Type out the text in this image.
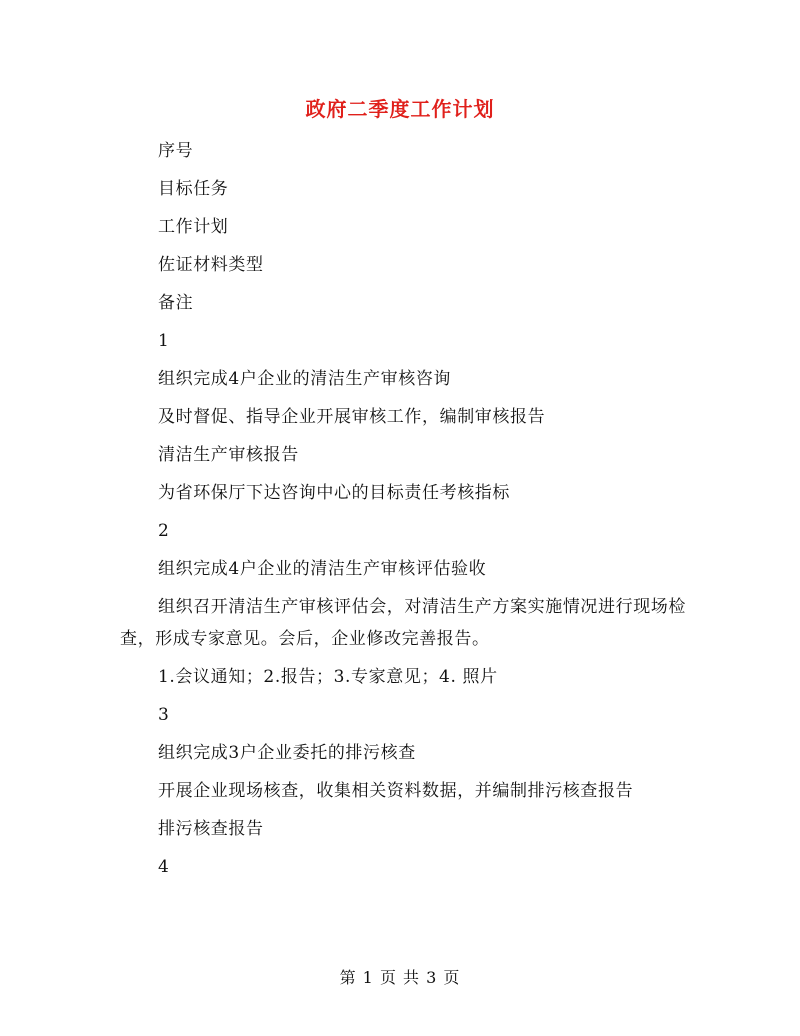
政府二季度工作计划

序号

目标任务

工作计划

佐证材料类型

备注

1

组织完成4户企业的清洁生产审核咨询

及时督促、指导企业开展审核工作，编制审核报告

清洁生产审核报告

为省环保厅下达咨询中心的目标责任考核指标

2

组织完成4户企业的清洁生产审核评估验收

组织召开清洁生产审核评估会，对清洁生产方案实施情况进行现场检查，形成专家意见。会后，企业修改完善报告。

1.会议通知；2.报告；3.专家意见；4. 照片

3

组织完成3户企业委托的排污核查

开展企业现场核查，收集相关资料数据，并编制排污核查报告

排污核查报告

4

第 1 页 共 3 页
